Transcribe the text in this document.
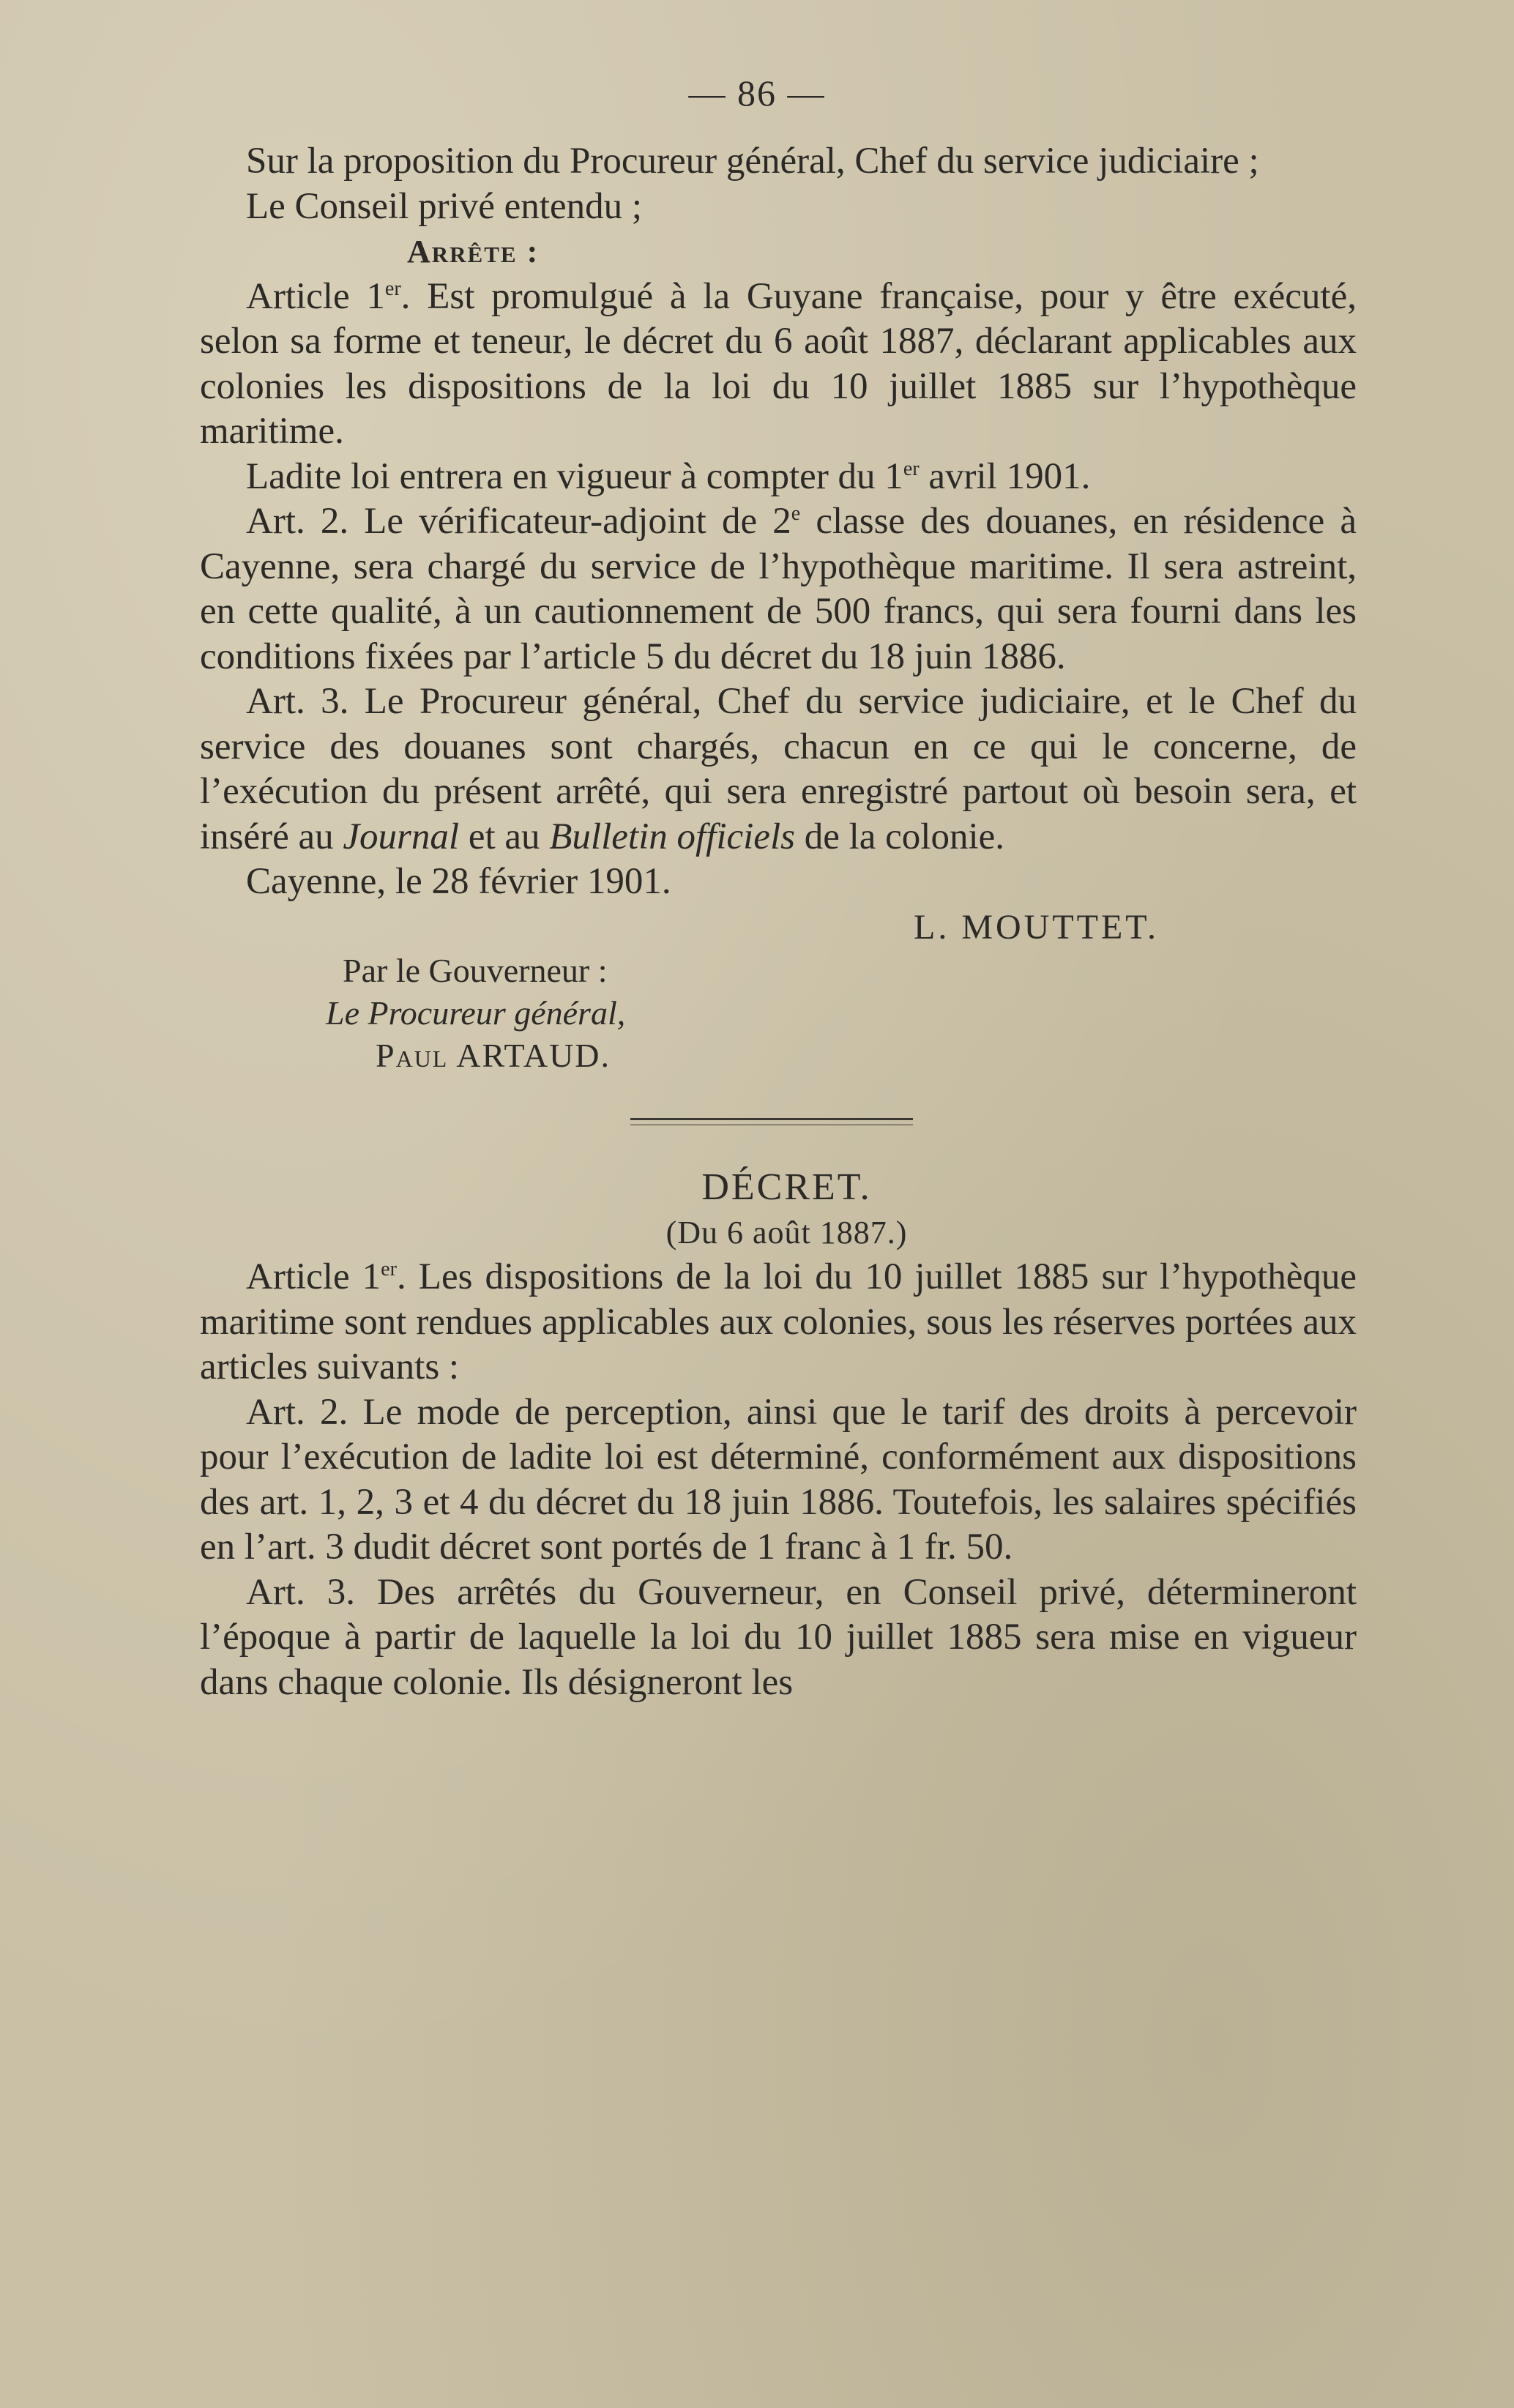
— 86 —

Sur la proposition du Procureur général, Chef du service judiciaire ;

Le Conseil privé entendu ;

Arrête :

Article 1er. Est promulgué à la Guyane française, pour y être exécuté, selon sa forme et teneur, le décret du 6 août 1887, déclarant applicables aux colonies les dispositions de la loi du 10 juillet 1885 sur l’hypothèque maritime.

Ladite loi entrera en vigueur à compter du 1er avril 1901.

Art. 2. Le vérificateur-adjoint de 2e classe des douanes, en résidence à Cayenne, sera chargé du service de l’hypothèque maritime. Il sera astreint, en cette qualité, à un cautionnement de 500 francs, qui sera fourni dans les conditions fixées par l’article 5 du décret du 18 juin 1886.

Art. 3. Le Procureur général, Chef du service judiciaire, et le Chef du service des douanes sont chargés, chacun en ce qui le concerne, de l’exécution du présent arrêté, qui sera enregistré partout où besoin sera, et inséré au Journal et au Bulletin officiels de la colonie.

Cayenne, le 28 février 1901.

L. MOUTTET.

Par le Gouverneur :
Le Procureur général,
Paul ARTAUD.

DÉCRET.

(Du 6 août 1887.)

Article 1er. Les dispositions de la loi du 10 juillet 1885 sur l’hypothèque maritime sont rendues applicables aux colonies, sous les réserves portées aux articles suivants :

Art. 2. Le mode de perception, ainsi que le tarif des droits à percevoir pour l’exécution de ladite loi est déterminé, conformément aux dispositions des art. 1, 2, 3 et 4 du décret du 18 juin 1886. Toutefois, les salaires spécifiés en l’art. 3 dudit décret sont portés de 1 franc à 1 fr. 50.

Art. 3. Des arrêtés du Gouverneur, en Conseil privé, détermineront l’époque à partir de laquelle la loi du 10 juillet 1885 sera mise en vigueur dans chaque colonie. Ils désigneront les
